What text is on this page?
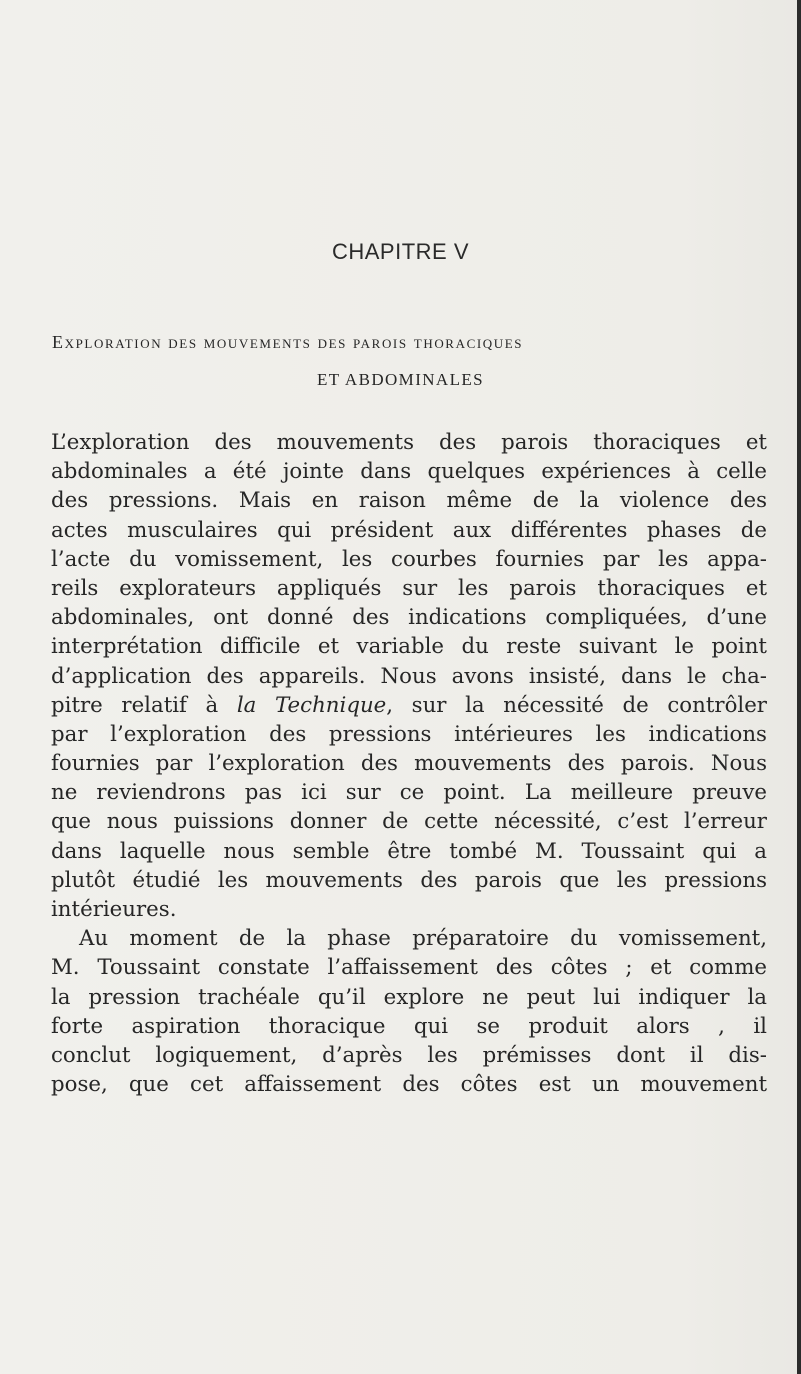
CHAPITRE V
Exploration des mouvements des parois thoraciques
ET ABDOMINALES
L’exploration des mouvements des parois thoraciques et
abdominales a été jointe dans quelques expériences à celle
des pressions. Mais en raison même de la violence des
actes musculaires qui président aux différentes phases de
l’acte du vomissement, les courbes fournies par les appa-
reils explorateurs appliqués sur les parois thoraciques et
abdominales, ont donné des indications compliquées, d’une
interprétation difficile et variable du reste suivant le point
d’application des appareils. Nous avons insisté, dans le cha-
pitre relatif à la Technique, sur la nécessité de contrôler
par l’exploration des pressions intérieures les indications
fournies par l’exploration des mouvements des parois. Nous
ne reviendrons pas ici sur ce point. La meilleure preuve
que nous puissions donner de cette nécessité, c’est l’erreur
dans laquelle nous semble être tombé M. Toussaint qui a
plutôt étudié les mouvements des parois que les pressions
intérieures.
Au moment de la phase préparatoire du vomissement,
M. Toussaint constate l’affaissement des côtes ; et comme
la pression trachéale qu’il explore ne peut lui indiquer la
forte aspiration thoracique qui se produit alors , il
conclut logiquement, d’après les prémisses dont il dis-
pose, que cet affaissement des côtes est un mouvement
